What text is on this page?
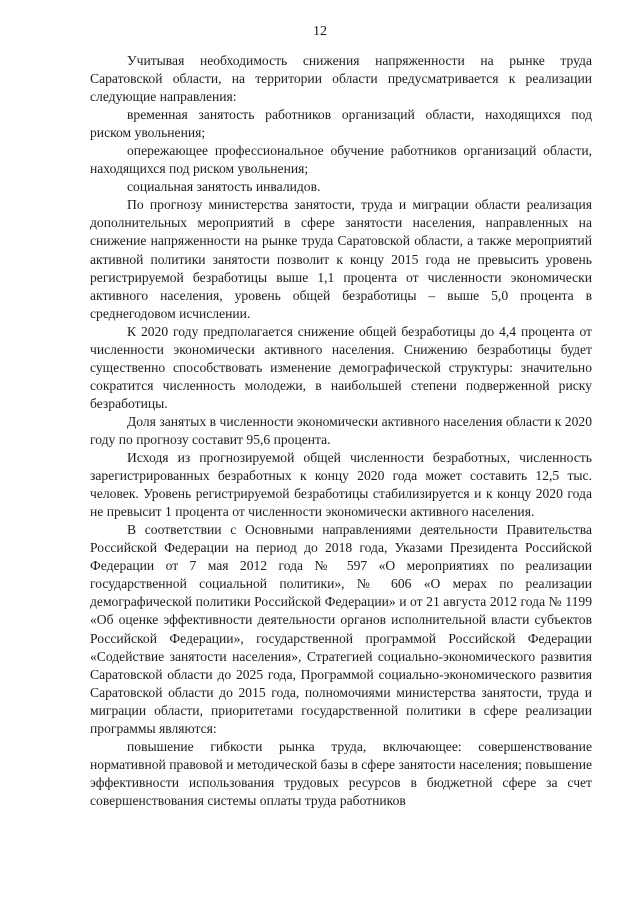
12

Учитывая необходимость снижения напряженности на рынке труда Саратовской области, на территории области предусматривается к реализации следующие направления:

временная занятость работников организаций области, находящихся под риском увольнения;

опережающее профессиональное обучение работников организаций области, находящихся под риском увольнения;

социальная занятость инвалидов.

По прогнозу министерства занятости, труда и миграции области реализация дополнительных мероприятий в сфере занятости населения, направленных на снижение напряженности на рынке труда Саратовской области, а также мероприятий активной политики занятости позволит к концу 2015 года не превысить уровень регистрируемой безработицы выше 1,1 процента от численности экономически активного населения, уровень общей безработицы – выше 5,0 процента в среднегодовом исчислении.

К 2020 году предполагается снижение общей безработицы до 4,4 процента от численности экономически активного населения. Снижению безработицы будет существенно способствовать изменение демографической структуры: значительно сократится численность молодежи, в наибольшей степени подверженной риску безработицы.

Доля занятых в численности экономически активного населения области к 2020 году по прогнозу составит 95,6 процента.

Исходя из прогнозируемой общей численности безработных, численность зарегистрированных безработных к концу 2020 года может составить 12,5 тыс. человек. Уровень регистрируемой безработицы стабилизируется и к концу 2020 года не превысит 1 процента от численности экономически активного населения.

В соответствии с Основными направлениями деятельности Правительства Российской Федерации на период до 2018 года, Указами Президента Российской Федерации от 7 мая 2012 года № 597 «О мероприятиях по реализации государственной социальной политики», № 606 «О мерах по реализации демографической политики Российской Федерации» и от 21 августа 2012 года № 1199 «Об оценке эффективности деятельности органов исполнительной власти субъектов Российской Федерации», государственной программой Российской Федерации «Содействие занятости населения», Стратегией социально-экономического развития Саратовской области до 2025 года, Программой социально-экономического развития Саратовской области до 2015 года, полномочиями министерства занятости, труда и миграции области, приоритетами государственной политики в сфере реализации программы являются:

повышение гибкости рынка труда, включающее: совершенствование нормативной правовой и методической базы в сфере занятости населения; повышение эффективности использования трудовых ресурсов в бюджетной сфере за счет совершенствования системы оплаты труда работников
